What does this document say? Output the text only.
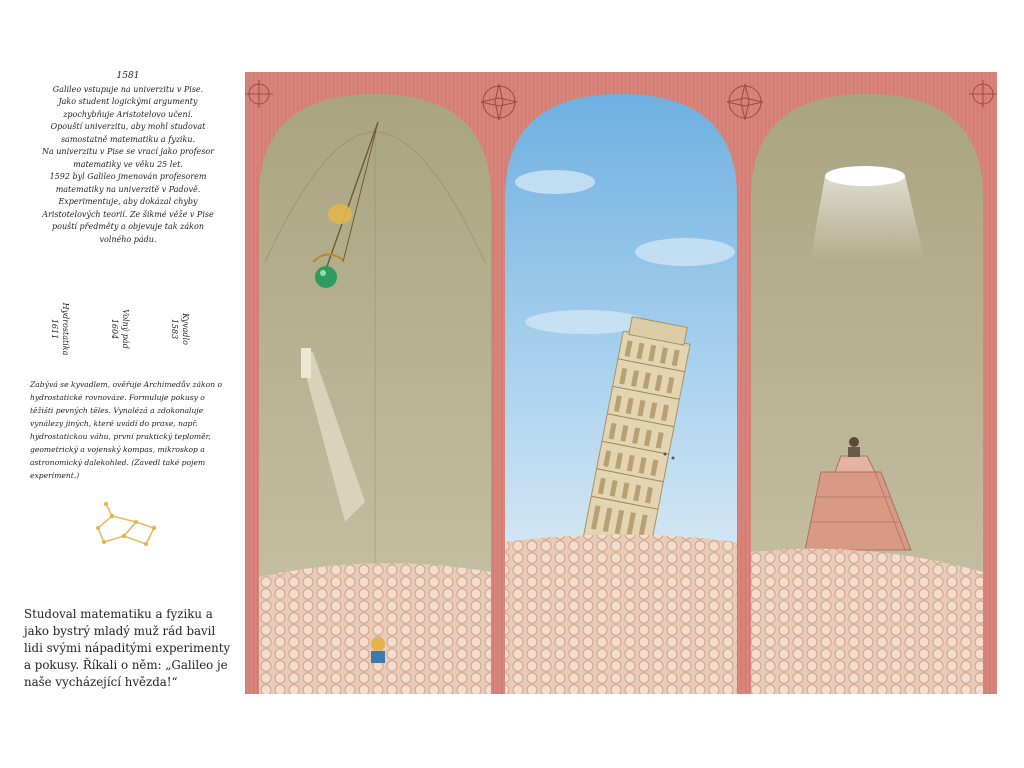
1581
Galileo vstupuje na univerzitu v Pise.
Jako student logickými argumenty
zpochybňuje Aristotelovo učení.
Opouští univerzitu, aby mohl studovat
samostatně matematiku a fyziku.
Na univerzitu v Pise se vrací jako profesor
matematiky ve věku 25 let.
1592 byl Galileo jmenován profesorem
matematiky na univerzitě v Padově.
Experimentuje, aby dokázal chyby
Aristotelových teorií. Ze šikmé věže v Pise
pouští předměty a objevuje tak zákon
volného pádu.
Hydrostatika
1611	Volný pád
1604	Kyvadlo
1583
Zabývá se kyvadlem, ověřuje Archimedův zákon o hydrostatické rovnováze. Formuluje pokusy o těžišti pevných těles. Vynalézá a zdokonaluje vynálezy jiných, které uvádí do praxe, např. hydrostatickou váhu, první praktický teploměr, geometrický a vojenský kompas, mikroskop a astronomický dalekohled. (Zavedl také pojem experiment.)
Studoval matematiku a fyziku a jako bystrý mladý muž rád bavil lidi svými nápaditými experimenty a pokusy. Říkali o něm: „Galileo je naše vycházející hvězda!“
